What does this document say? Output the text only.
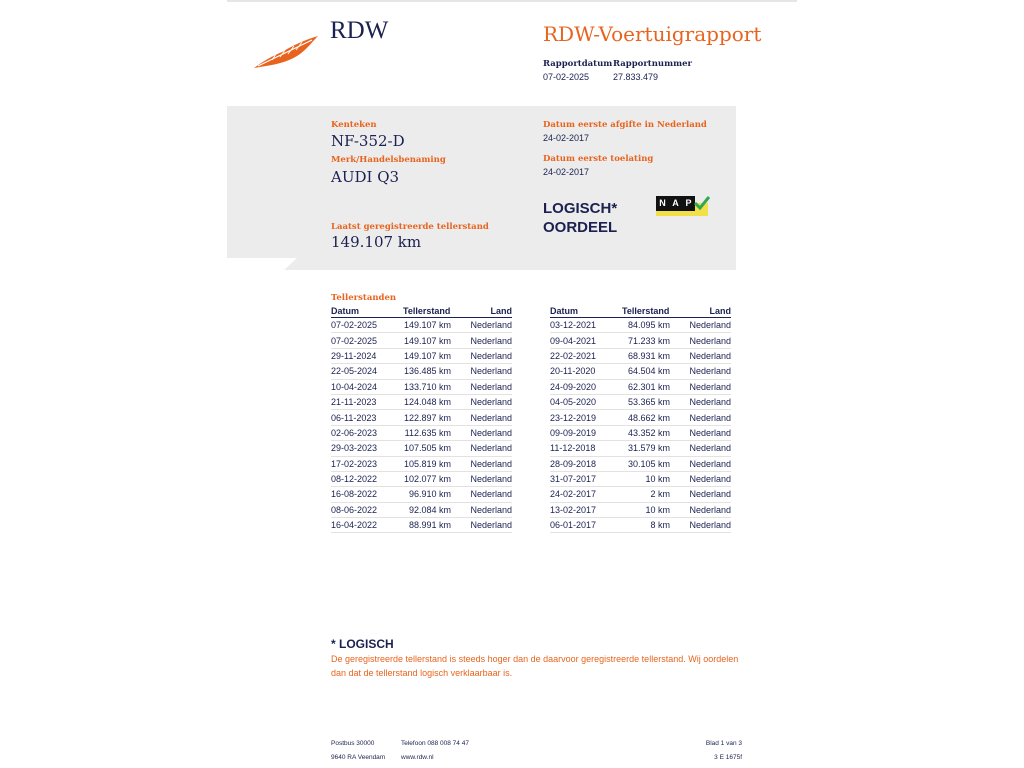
RDW	RDW-Voertuigrapport
Rapportdatum
07-02-2025
Rapportnummer
27.833.479
Kenteken
NF-352-D
Merk/Handelsbenaming
AUDI Q3
Datum eerste afgifte in Nederland
24-02-2017
Datum eerste toelating
24-02-2017
LOGISCH*
OORDEEL
N A P
Laatst geregistreerde tellerstand
149.107 km
Tellerstanden
Datum	Tellerstand	Land
07-02-2025	149.107 km	Nederland
07-02-2025	149.107 km	Nederland
29-11-2024	149.107 km	Nederland
22-05-2024	136.485 km	Nederland
10-04-2024	133.710 km	Nederland
21-11-2023	124.048 km	Nederland
06-11-2023	122.897 km	Nederland
02-06-2023	112.635 km	Nederland
29-03-2023	107.505 km	Nederland
17-02-2023	105.819 km	Nederland
08-12-2022	102.077 km	Nederland
16-08-2022	96.910 km	Nederland
08-06-2022	92.084 km	Nederland
16-04-2022	88.991 km	Nederland
Datum	Tellerstand	Land
03-12-2021	84.095 km	Nederland
09-04-2021	71.233 km	Nederland
22-02-2021	68.931 km	Nederland
20-11-2020	64.504 km	Nederland
24-09-2020	62.301 km	Nederland
04-05-2020	53.365 km	Nederland
23-12-2019	48.662 km	Nederland
09-09-2019	43.352 km	Nederland
11-12-2018	31.579 km	Nederland
28-09-2018	30.105 km	Nederland
31-07-2017	10 km	Nederland
24-02-2017	2 km	Nederland
13-02-2017	10 km	Nederland
06-01-2017	8 km	Nederland
* LOGISCH
De geregistreerde tellerstand is steeds hoger dan de daarvoor geregistreerde tellerstand. Wij oordelen dan dat de tellerstand logisch verklaarbaar is.
Postbus 30000
9640 RA Veendam
Telefoon 088 008 74 47
www.rdw.nl
Blad 1 van 3
3 E 1675f
